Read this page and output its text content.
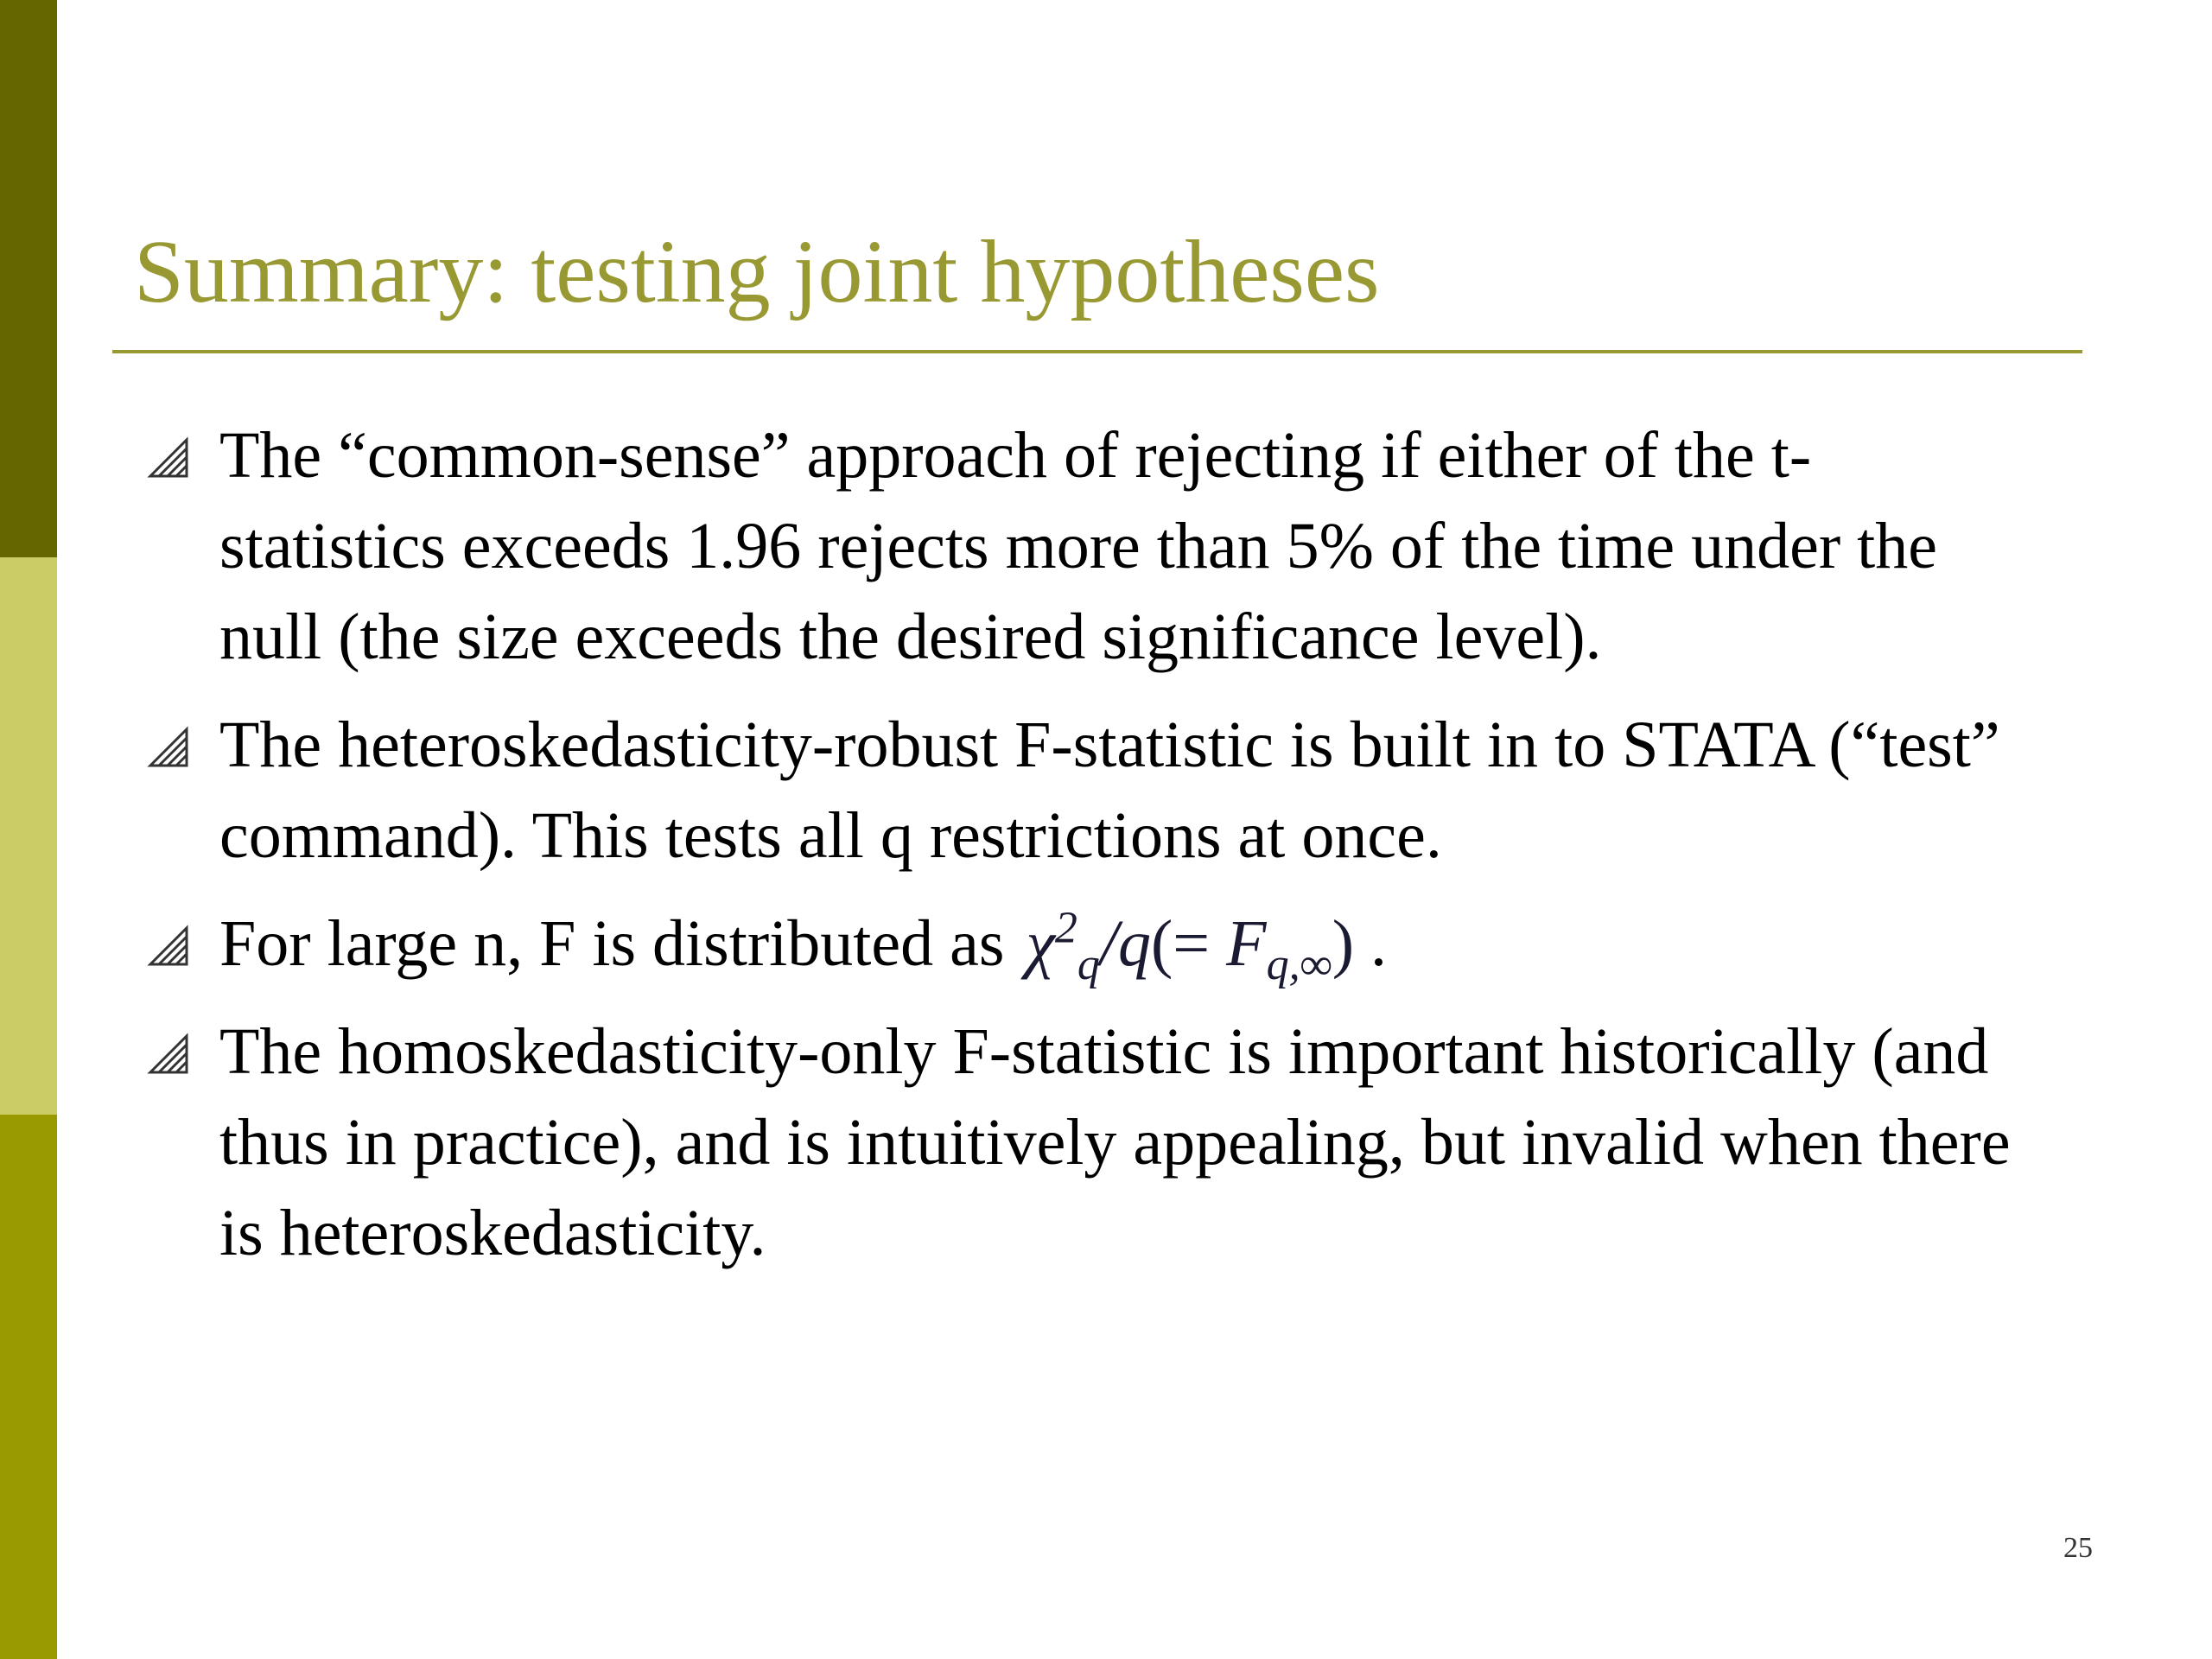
Summary: testing joint hypotheses
The “common-sense” approach of rejecting if either of the t-statistics exceeds 1.96 rejects more than 5% of the time under the null (the size exceeds the desired significance level).
The heteroskedasticity-robust F-statistic is built in to STATA (“test” command). This tests all q restrictions at once.
For large n, F is distributed as $\chi^2_q/q(= F_{q,\infty})$ .
The homoskedasticity-only F-statistic is important historically (and thus in practice), and is intuitively appealing, but invalid when there is heteroskedasticity.
25
